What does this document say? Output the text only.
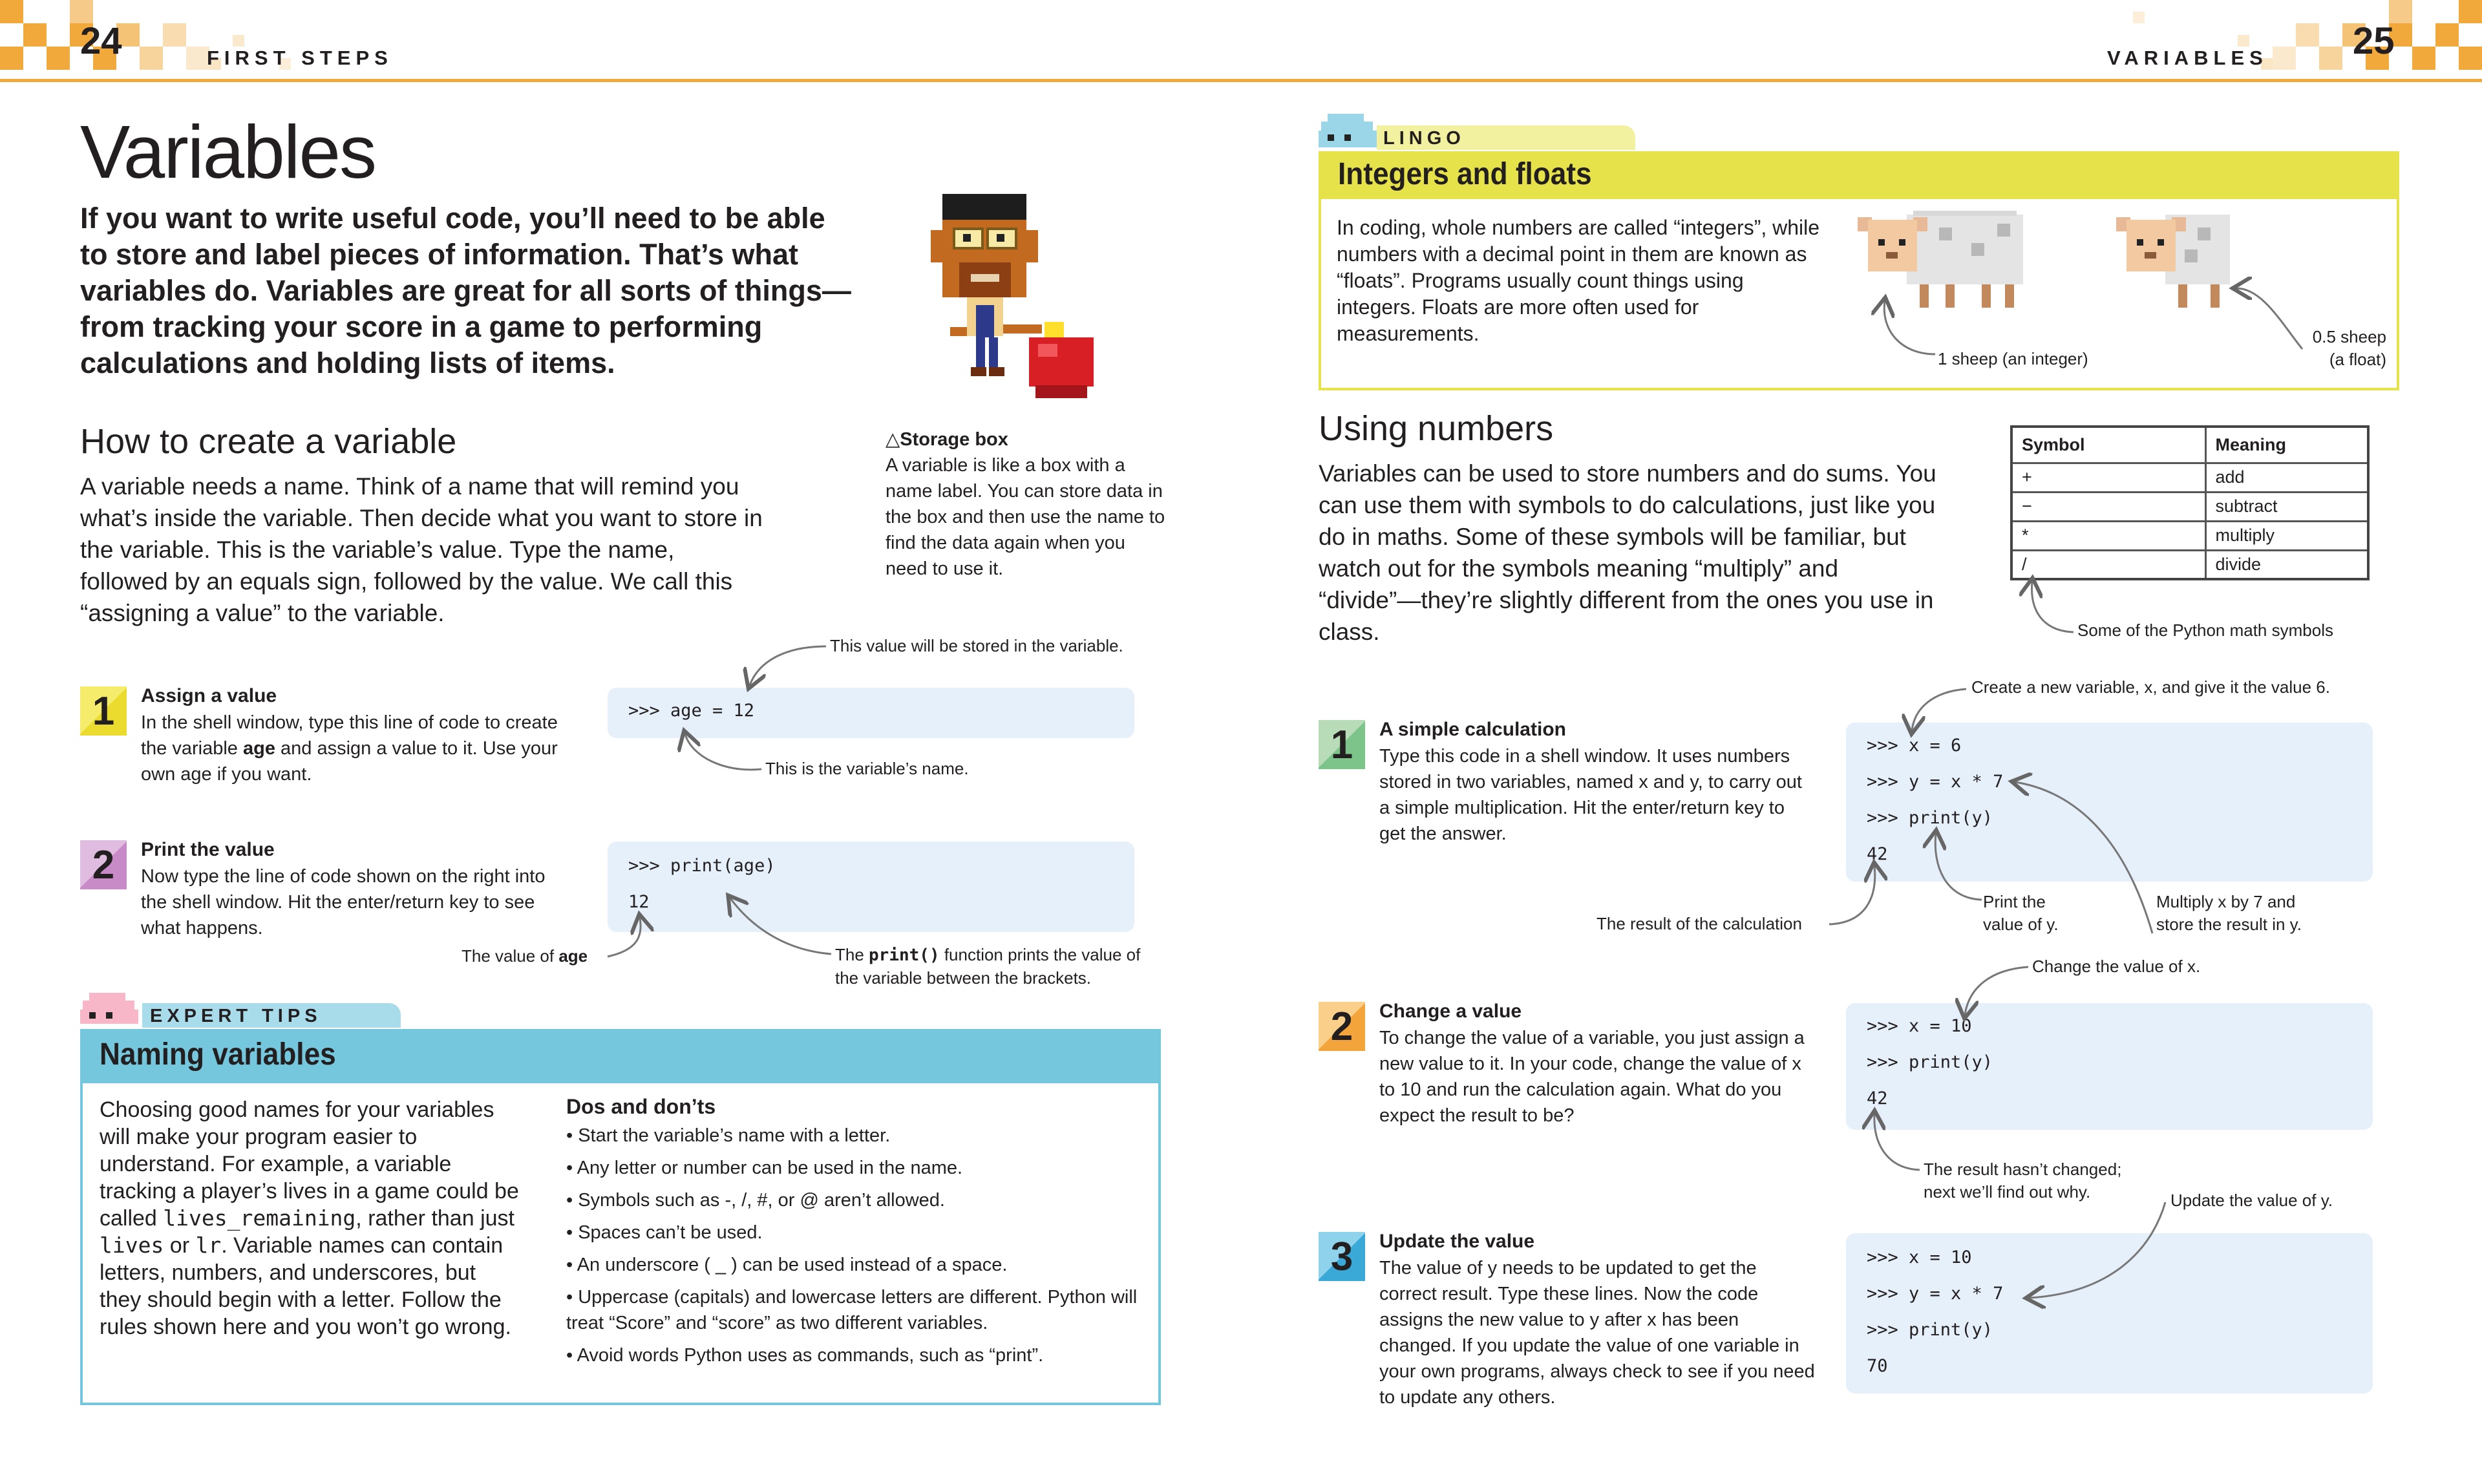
24	FIRST STEPS	VARIABLES 25
Variables
If you want to write useful code, you’ll need to be able to store and label pieces of information. That’s what variables do. Variables are great for all sorts of things—from tracking your score in a game to performing calculations and holding lists of items.
△Storage box
A variable is like a box with a name label. You can store data in the box and then use the name to find the data again when you need to use it.
How to create a variable
A variable needs a name. Think of a name that will remind you what’s inside the variable. Then decide what you want to store in the variable. This is the variable’s value. Type the name, followed by an equals sign, followed by the value. We call this “assigning a value” to the variable.
1	Assign a value
In the shell window, type this line of code to create the variable age and assign a value to it. Use your own age if you want.
>>> age = 12
This value will be stored in the variable.
This is the variable’s name.
2	Print the value
Now type the line of code shown on the right into the shell window. Hit the enter/return key to see what happens.
>>> print(age)
12
The value of age	The print() function prints the value of the variable between the brackets.
EXPERT TIPS
Naming variables
Choosing good names for your variables will make your program easier to understand. For example, a variable tracking a player’s lives in a game could be called lives_remaining, rather than just lives or lr. Variable names can contain letters, numbers, and underscores, but they should begin with a letter. Follow the rules shown here and you won’t go wrong.
Dos and don’ts
• Start the variable’s name with a letter.
• Any letter or number can be used in the name.
• Symbols such as -, /, #, or @ aren’t allowed.
• Spaces can’t be used.
• An underscore ( _ ) can be used instead of a space.
• Uppercase (capitals) and lowercase letters are different. Python will treat “Score” and “score” as two different variables.
• Avoid words Python uses as commands, such as “print”.
LINGO
Integers and floats
In coding, whole numbers are called “integers”, while numbers with a decimal point in them are known as “floats”. Programs usually count things using integers. Floats are more often used for measurements.
1 sheep (an integer)
0.5 sheep
(a float)
Using numbers
Variables can be used to store numbers and do sums. You can use them with symbols to do calculations, just like you do in maths. Some of these symbols will be familiar, but watch out for the symbols meaning “multiply” and “divide”—they’re slightly different from the ones you use in class.
Symbol	Meaning
+	add
−	subtract
*	multiply
/	divide
Some of the Python math symbols
1	A simple calculation
Type this code in a shell window. It uses numbers stored in two variables, named x and y, to carry out a simple multiplication. Hit the enter/return key to get the answer.
>>> x = 6
>>> y = x * 7
>>> print(y)
42
Create a new variable, x, and give it the value 6.
The result of the calculation
Print the
value of y.
Multiply x by 7 and
store the result in y.
2	Change a value
To change the value of a variable, you just assign a new value to it. In your code, change the value of x to 10 and run the calculation again. What do you expect the result to be?
>>> x = 10
>>> print(y)
42
Change the value of x.
The result hasn’t changed;
next we’ll find out why.
3	Update the value
The value of y needs to be updated to get the correct result. Type these lines. Now the code assigns the new value to y after x has been changed. If you update the value of one variable in your own programs, always check to see if you need to update any others.
>>> x = 10
>>> y = x * 7
>>> print(y)
70
Update the value of y.
